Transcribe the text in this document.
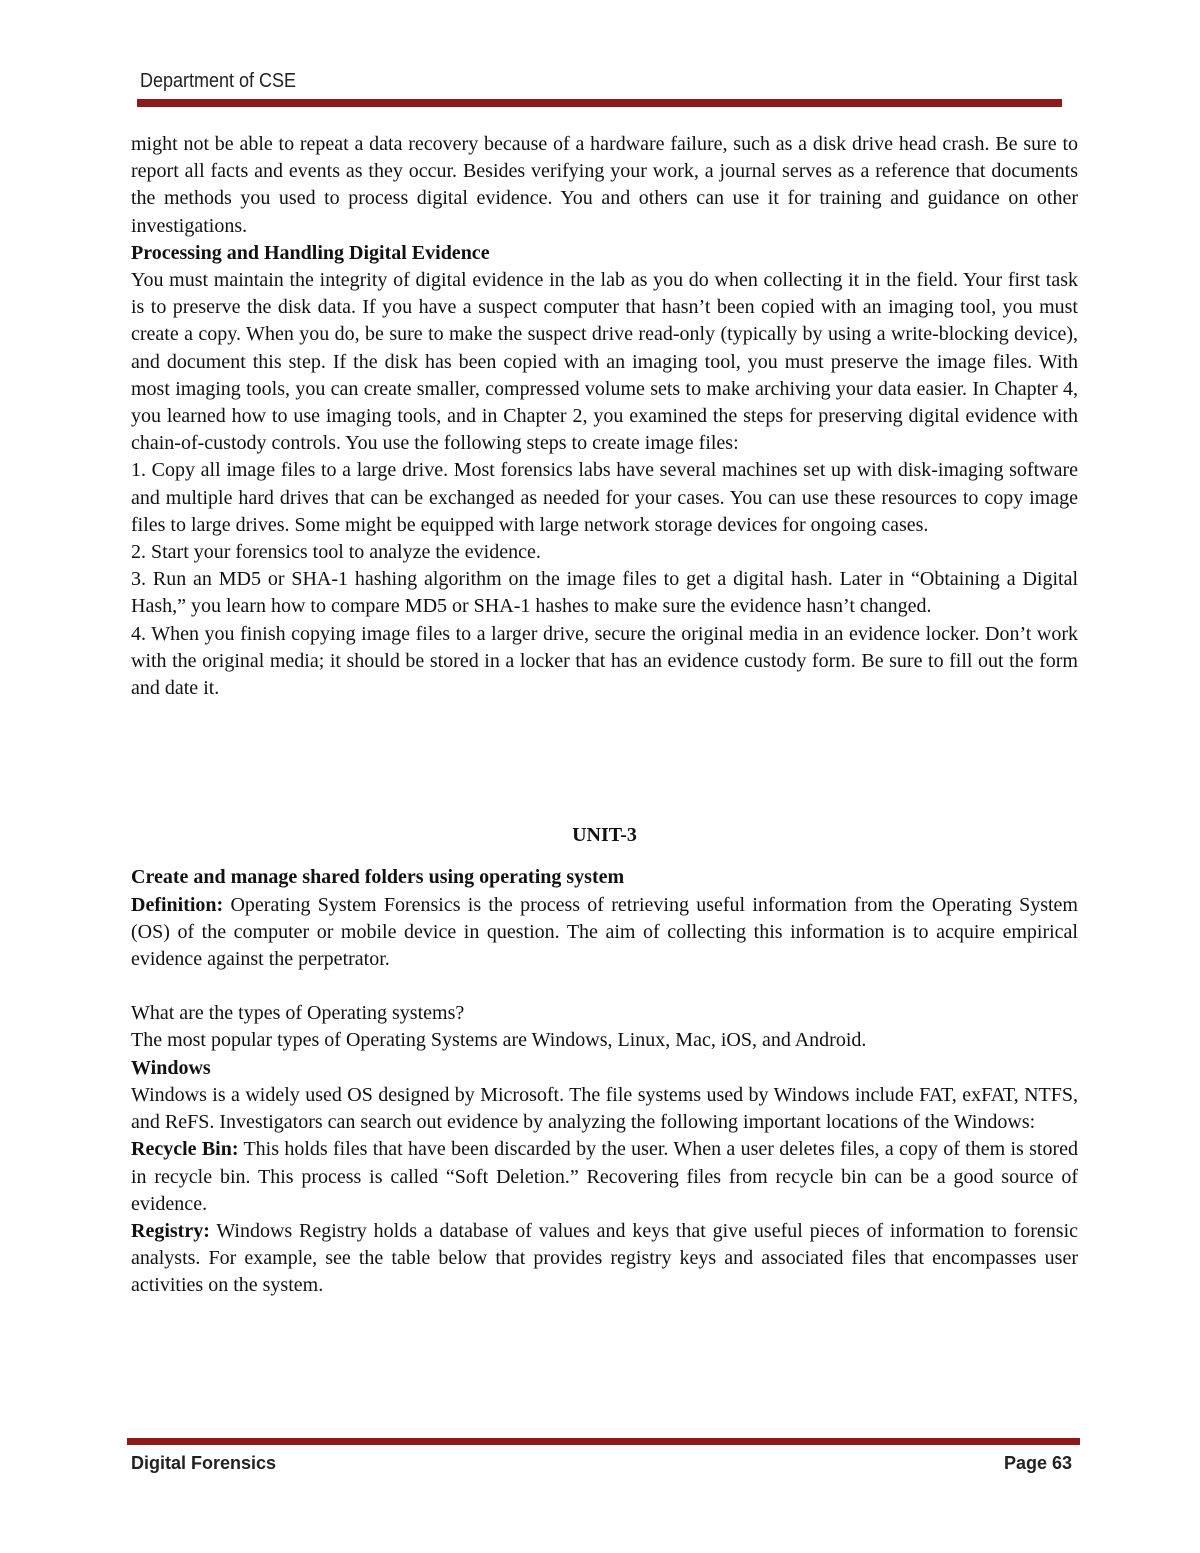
Department of CSE

might not be able to repeat a data recovery because of a hardware failure, such as a disk drive head crash. Be sure to report all facts and events as they occur. Besides verifying your work, a journal serves as a reference that documents the methods you used to process digital evidence. You and others can use it for training and guidance on other investigations.

Processing and Handling Digital Evidence

You must maintain the integrity of digital evidence in the lab as you do when collecting it in the field. Your first task is to preserve the disk data. If you have a suspect computer that hasn’t been copied with an imaging tool, you must create a copy. When you do, be sure to make the suspect drive read-only (typically by using a write-blocking device), and document this step. If the disk has been copied with an imaging tool, you must preserve the image files. With most imaging tools, you can create smaller, compressed volume sets to make archiving your data easier. In Chapter 4, you learned how to use imaging tools, and in Chapter 2, you examined the steps for preserving digital evidence with chain-of-custody controls. You use the following steps to create image files:

1. Copy all image files to a large drive. Most forensics labs have several machines set up with disk-imaging software and multiple hard drives that can be exchanged as needed for your cases. You can use these resources to copy image files to large drives. Some might be equipped with large network storage devices for ongoing cases.

2. Start your forensics tool to analyze the evidence.

3. Run an MD5 or SHA-1 hashing algorithm on the image files to get a digital hash. Later in “Obtaining a Digital Hash,” you learn how to compare MD5 or SHA-1 hashes to make sure the evidence hasn’t changed.

4. When you finish copying image files to a larger drive, secure the original media in an evidence locker. Don’t work with the original media; it should be stored in a locker that has an evidence custody form. Be sure to fill out the form and date it.

UNIT-3

Create and manage shared folders using operating system

Definition: Operating System Forensics is the process of retrieving useful information from the Operating System (OS) of the computer or mobile device in question. The aim of collecting this information is to acquire empirical evidence against the perpetrator.

What are the types of Operating systems?

The most popular types of Operating Systems are Windows, Linux, Mac, iOS, and Android.

Windows

Windows is a widely used OS designed by Microsoft. The file systems used by Windows include FAT, exFAT, NTFS, and ReFS. Investigators can search out evidence by analyzing the following important locations of the Windows:

Recycle Bin: This holds files that have been discarded by the user. When a user deletes files, a copy of them is stored in recycle bin. This process is called “Soft Deletion.” Recovering files from recycle bin can be a good source of evidence.

Registry: Windows Registry holds a database of values and keys that give useful pieces of information to forensic analysts. For example, see the table below that provides registry keys and associated files that encompasses user activities on the system.

Digital Forensics	Page 63
